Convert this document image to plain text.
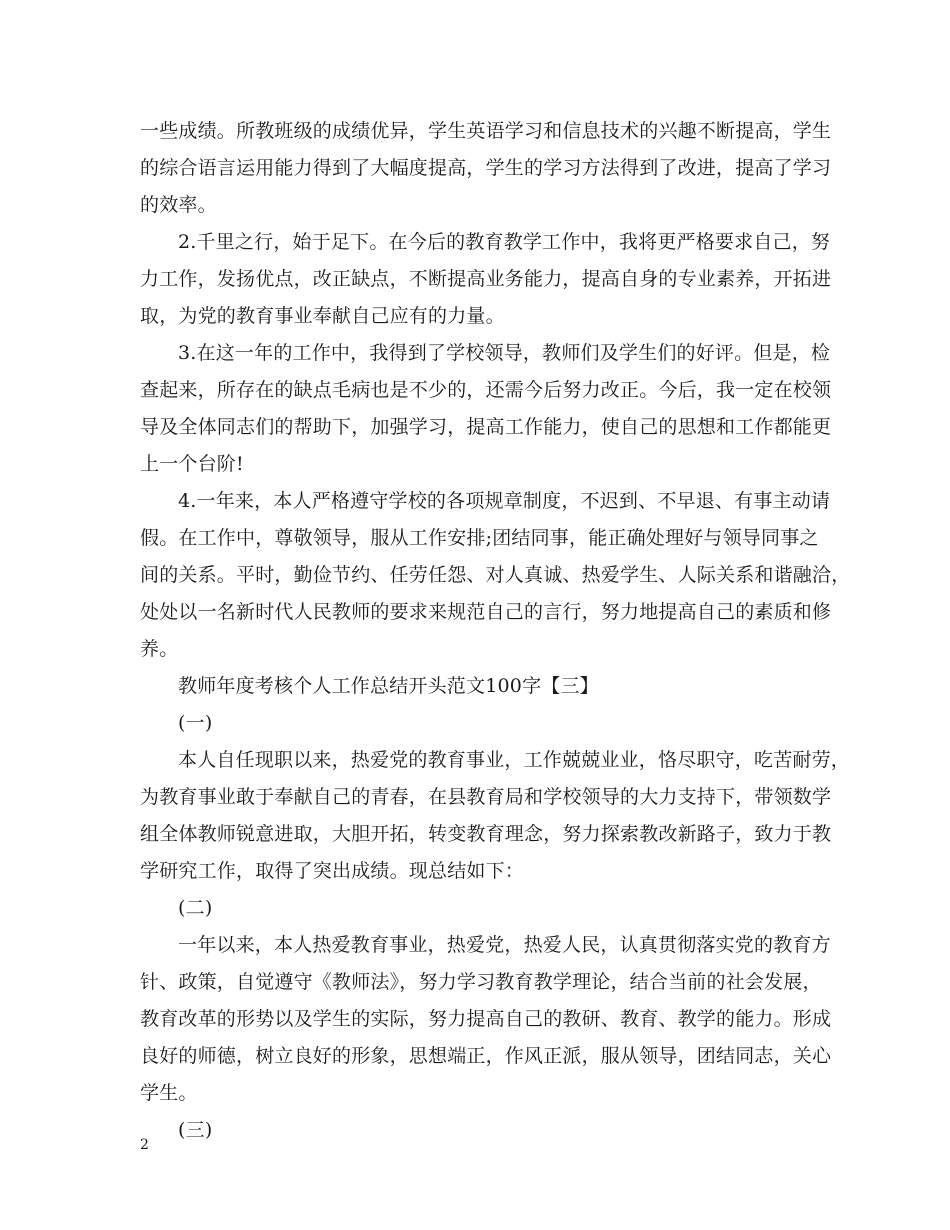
一些成绩。所教班级的成绩优异，学生英语学习和信息技术的兴趣不断提高，学生
的综合语言运用能力得到了大幅度提高，学生的学习方法得到了改进，提高了学习
的效率。
2.千里之行，始于足下。在今后的教育教学工作中，我将更严格要求自己，努
力工作，发扬优点，改正缺点，不断提高业务能力，提高自身的专业素养，开拓进
取，为党的教育事业奉献自己应有的力量。
3.在这一年的工作中，我得到了学校领导，教师们及学生们的好评。但是，检
查起来，所存在的缺点毛病也是不少的，还需今后努力改正。今后，我一定在校领
导及全体同志们的帮助下，加强学习，提高工作能力，使自己的思想和工作都能更
上一个台阶!
4.一年来，本人严格遵守学校的各项规章制度，不迟到、不早退、有事主动请
假。在工作中，尊敬领导，服从工作安排;团结同事，能正确处理好与领导同事之
间的关系。平时，勤俭节约、任劳任怨、对人真诚、热爱学生、人际关系和谐融洽，
处处以一名新时代人民教师的要求来规范自己的言行，努力地提高自己的素质和修
养。
教师年度考核个人工作总结开头范文100字【三】
(一)
本人自任现职以来，热爱党的教育事业，工作兢兢业业，恪尽职守，吃苦耐劳，
为教育事业敢于奉献自己的青春，在县教育局和学校领导的大力支持下，带领数学
组全体教师锐意进取，大胆开拓，转变教育理念，努力探索教改新路子，致力于教
学研究工作，取得了突出成绩。现总结如下：
(二)
一年以来，本人热爱教育事业，热爱党，热爱人民，认真贯彻落实党的教育方
针、政策，自觉遵守《教师法》，努力学习教育教学理论，结合当前的社会发展，
教育改革的形势以及学生的实际，努力提高自己的教研、教育、教学的能力。形成
良好的师德，树立良好的形象，思想端正，作风正派，服从领导，团结同志，关心
学生。
(三)
2
